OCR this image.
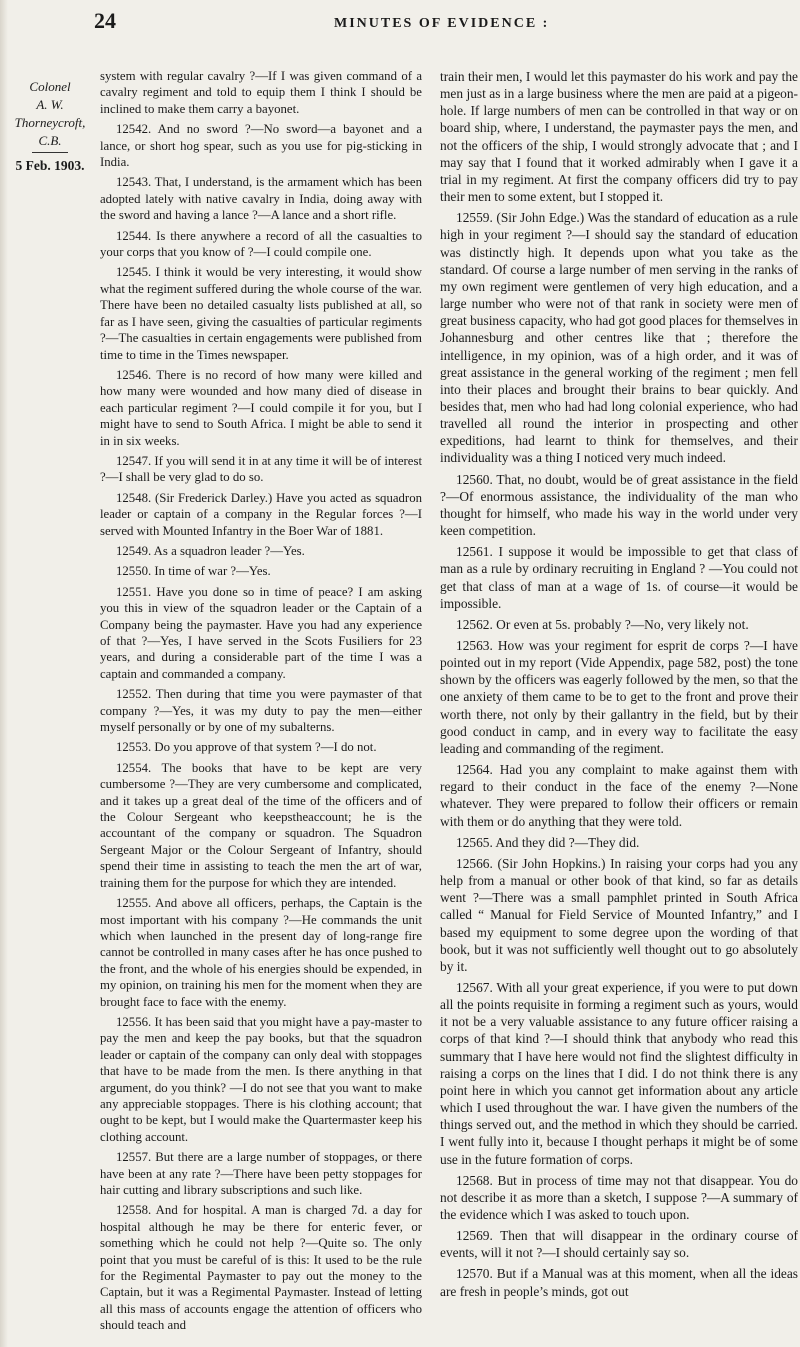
24	MINUTES OF EVIDENCE :
Colonel
A. W.
Thorneycroft,
C.B.
5 Feb. 1903.

system with regular cavalry ?—If I was given command of a cavalry regiment and told to equip them I think I should be inclined to make them carry a bayonet.

12542. And no sword ?—No sword—a bayonet and a lance, or short hog spear, such as you use for pig-sticking in India.

12543. That, I understand, is the armament which has been adopted lately with native cavalry in India, doing away with the sword and having a lance ?—A lance and a short rifle.

12544. Is there anywhere a record of all the casualties to your corps that you know of ?—I could compile one.

12545. I think it would be very interesting, it would show what the regiment suffered during the whole course of the war. There have been no detailed casualty lists published at all, so far as I have seen, giving the casualties of particular regiments ?—The casualties in certain engagements were published from time to time in the Times newspaper.

12546. There is no record of how many were killed and how many were wounded and how many died of disease in each particular regiment ?—I could compile it for you, but I might have to send to South Africa. I might be able to send it in in six weeks.

12547. If you will send it in at any time it will be of interest ?—I shall be very glad to do so.

12548. (Sir Frederick Darley.) Have you acted as squadron leader or captain of a company in the Regular forces ?—I served with Mounted Infantry in the Boer War of 1881.

12549. As a squadron leader ?—Yes.

12550. In time of war ?—Yes.

12551. Have you done so in time of peace? I am asking you this in view of the squadron leader or the Captain of a Company being the paymaster. Have you had any experience of that ?—Yes, I have served in the Scots Fusiliers for 23 years, and during a considerable part of the time I was a captain and commanded a company.

12552. Then during that time you were paymaster of that company ?—Yes, it was my duty to pay the men—either myself personally or by one of my subalterns.

12553. Do you approve of that system ?—I do not.

12554. The books that have to be kept are very cumbersome ?—They are very cumbersome and complicated, and it takes up a great deal of the time of the officers and of the Colour Sergeant who keepstheaccount; he is the accountant of the company or squadron. The Squadron Sergeant Major or the Colour Sergeant of Infantry, should spend their time in assisting to teach the men the art of war, training them for the purpose for which they are intended.

12555. And above all officers, perhaps, the Captain is the most important with his company ?—He commands the unit which when launched in the present day of long-range fire cannot be controlled in many cases after he has once pushed to the front, and the whole of his energies should be expended, in my opinion, on training his men for the moment when they are brought face to face with the enemy.

12556. It has been said that you might have a pay-master to pay the men and keep the pay books, but that the squadron leader or captain of the company can only deal with stoppages that have to be made from the men. Is there anything in that argument, do you think? —I do not see that you want to make any appreciable stoppages. There is his clothing account; that ought to be kept, but I would make the Quartermaster keep his clothing account.

12557. But there are a large number of stoppages, or there have been at any rate ?—There have been petty stoppages for hair cutting and library subscriptions and such like.

12558. And for hospital. A man is charged 7d. a day for hospital although he may be there for enteric fever, or something which he could not help ?—Quite so. The only point that you must be careful of is this: It used to be the rule for the Regimental Paymaster to pay out the money to the Captain, but it was a Regimental Paymaster. Instead of letting all this mass of accounts engage the attention of officers who should teach and

train their men, I would let this paymaster do his work and pay the men just as in a large business where the men are paid at a pigeon-hole. If large numbers of men can be controlled in that way or on board ship, where, I understand, the paymaster pays the men, and not the officers of the ship, I would strongly advocate that ; and I may say that I found that it worked admirably when I gave it a trial in my regiment. At first the company officers did try to pay their men to some extent, but I stopped it.

12559. (Sir John Edge.) Was the standard of education as a rule high in your regiment ?—I should say the standard of education was distinctly high. It depends upon what you take as the standard. Of course a large number of men serving in the ranks of my own regiment were gentlemen of very high education, and a large number who were not of that rank in society were men of great business capacity, who had got good places for themselves in Johannesburg and other centres like that ; therefore the intelligence, in my opinion, was of a high order, and it was of great assistance in the general working of the regiment ; men fell into their places and brought their brains to bear quickly. And besides that, men who had had long colonial experience, who had travelled all round the interior in prospecting and other expeditions, had learnt to think for themselves, and their individuality was a thing I noticed very much indeed.

12560. That, no doubt, would be of great assistance in the field ?—Of enormous assistance, the individuality of the man who thought for himself, who made his way in the world under very keen competition.

12561. I suppose it would be impossible to get that class of man as a rule by ordinary recruiting in England ? —You could not get that class of man at a wage of 1s. of course—it would be impossible.

12562. Or even at 5s. probably ?—No, very likely not.

12563. How was your regiment for esprit de corps ?—I have pointed out in my report (Vide Appendix, page 582, post) the tone shown by the officers was eagerly followed by the men, so that the one anxiety of them came to be to get to the front and prove their worth there, not only by their gallantry in the field, but by their good conduct in camp, and in every way to facilitate the easy leading and commanding of the regiment.

12564. Had you any complaint to make against them with regard to their conduct in the face of the enemy ?—None whatever. They were prepared to follow their officers or remain with them or do anything that they were told.

12565. And they did ?—They did.

12566. (Sir John Hopkins.) In raising your corps had you any help from a manual or other book of that kind, so far as details went ?—There was a small pamphlet printed in South Africa called “ Manual for Field Service of Mounted Infantry,” and I based my equipment to some degree upon the wording of that book, but it was not sufficiently well thought out to go absolutely by it.

12567. With all your great experience, if you were to put down all the points requisite in forming a regiment such as yours, would it not be a very valuable assistance to any future officer raising a corps of that kind ?—I should think that anybody who read this summary that I have here would not find the slightest difficulty in raising a corps on the lines that I did. I do not think there is any point here in which you cannot get information about any article which I used throughout the war. I have given the numbers of the things served out, and the method in which they should be carried. I went fully into it, because I thought perhaps it might be of some use in the future formation of corps.

12568. But in process of time may not that disappear. You do not describe it as more than a sketch, I suppose ?—A summary of the evidence which I was asked to touch upon.

12569. Then that will disappear in the ordinary course of events, will it not ?—I should certainly say so.

12570. But if a Manual was at this moment, when all the ideas are fresh in people’s minds, got out
